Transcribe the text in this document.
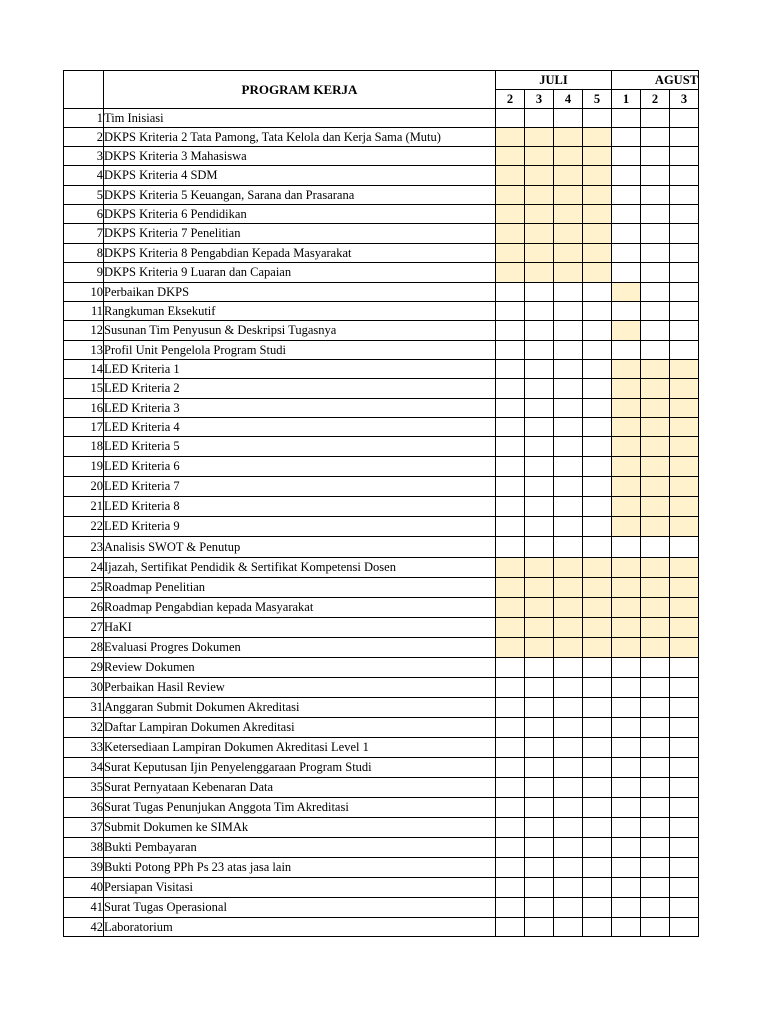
	PROGRAM KERJA	JULI				AGUST		
		2	3	4	5	1	2	3
1	Tim Inisiasi							
2	DKPS Kriteria 2 Tata Pamong, Tata Kelola dan Kerja Sama (Mutu)							
3	DKPS Kriteria 3 Mahasiswa							
4	DKPS Kriteria 4 SDM							
5	DKPS Kriteria 5 Keuangan, Sarana dan Prasarana							
6	DKPS Kriteria 6 Pendidikan							
7	DKPS Kriteria 7 Penelitian							
8	DKPS Kriteria 8 Pengabdian Kepada Masyarakat							
9	DKPS Kriteria 9 Luaran dan Capaian							
10	Perbaikan DKPS							
11	Rangkuman Eksekutif							
12	Susunan Tim Penyusun & Deskripsi Tugasnya							
13	Profil Unit Pengelola Program Studi							
14	LED Kriteria 1							
15	LED Kriteria 2							
16	LED Kriteria 3							
17	LED Kriteria 4							
18	LED Kriteria 5							
19	LED Kriteria 6							
20	LED Kriteria 7							
21	LED Kriteria 8							
22	LED Kriteria 9							
23	Analisis SWOT & Penutup							
24	Ijazah, Sertifikat Pendidik & Sertifikat Kompetensi Dosen							
25	Roadmap Penelitian							
26	Roadmap Pengabdian kepada Masyarakat							
27	HaKI							
28	Evaluasi Progres Dokumen							
29	Review Dokumen							
30	Perbaikan Hasil Review							
31	Anggaran Submit Dokumen Akreditasi							
32	Daftar Lampiran Dokumen Akreditasi							
33	Ketersediaan Lampiran Dokumen Akreditasi Level 1							
34	Surat Keputusan Ijin Penyelenggaraan Program Studi							
35	Surat Pernyataan Kebenaran Data							
36	Surat Tugas Penunjukan Anggota Tim Akreditasi							
37	Submit Dokumen ke SIMAk							
38	Bukti Pembayaran							
39	Bukti Potong PPh Ps 23 atas jasa lain							
40	Persiapan Visitasi							
41	Surat Tugas Operasional							
42	Laboratorium							
